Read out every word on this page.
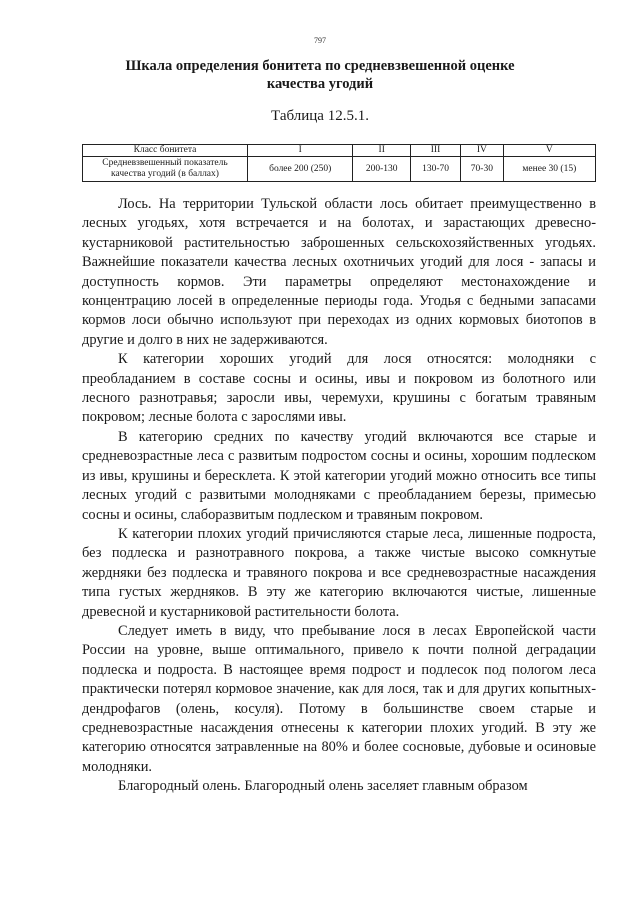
797
Шкала определения бонитета по средневзвешенной оценке качества угодий
Таблица 12.5.1.
Класс бонитета	I	II	III	IV	V
Средневзвешенный показатель качества угодий (в баллах)	более 200 (250)	200-130	130-70	70-30	менее 30 (15)

Лось. На территории Тульской области лось обитает преимущественно в лесных угодьях, хотя встречается и на болотах, и зарастающих древесно-кустарниковой растительностью заброшенных сельскохозяйственных угодьях. Важнейшие показатели качества лесных охотничьих угодий для лося - запасы и доступность кормов. Эти параметры определяют местонахождение и концентрацию лосей в определенные периоды года. Угодья с бедными запасами кормов лоси обычно используют при переходах из одних кормовых биотопов в другие и долго в них не задерживаются.

К категории хороших угодий для лося относятся: молодняки с преобладанием в составе сосны и осины, ивы и покровом из болотного или лесного разнотравья; заросли ивы, черемухи, крушины с богатым травяным покровом; лесные болота с зарослями ивы.

В категорию средних по качеству угодий включаются все старые и средневозрастные леса с развитым подростом сосны и осины, хорошим подлеском из ивы, крушины и бересклета. К этой категории угодий можно относить все типы лесных угодий с развитыми молодняками с преобладанием березы, примесью сосны и осины, слаборазвитым подлеском и травяным покровом.

К категории плохих угодий причисляются старые леса, лишенные подроста, без подлеска и разнотравного покрова, а также чистые высоко сомкнутые жердняки без подлеска и травяного покрова и все средневозрастные насаждения типа густых жердняков. В эту же категорию включаются чистые, лишенные древесной и кустарниковой растительности болота.

Следует иметь в виду, что пребывание лося в лесах Европейской части России на уровне, выше оптимального, привело к почти полной деградации подлеска и подроста. В настоящее время подрост и подлесок под пологом леса практически потерял кормовое значение, как для лося, так и для других копытных-дендрофагов (олень, косуля). Потому в большинстве своем старые и средневозрастные насаждения отнесены к категории плохих угодий. В эту же категорию относятся затравленные на 80% и более сосновые, дубовые и осиновые молодняки.

Благородный олень. Благородный олень заселяет главным образом
